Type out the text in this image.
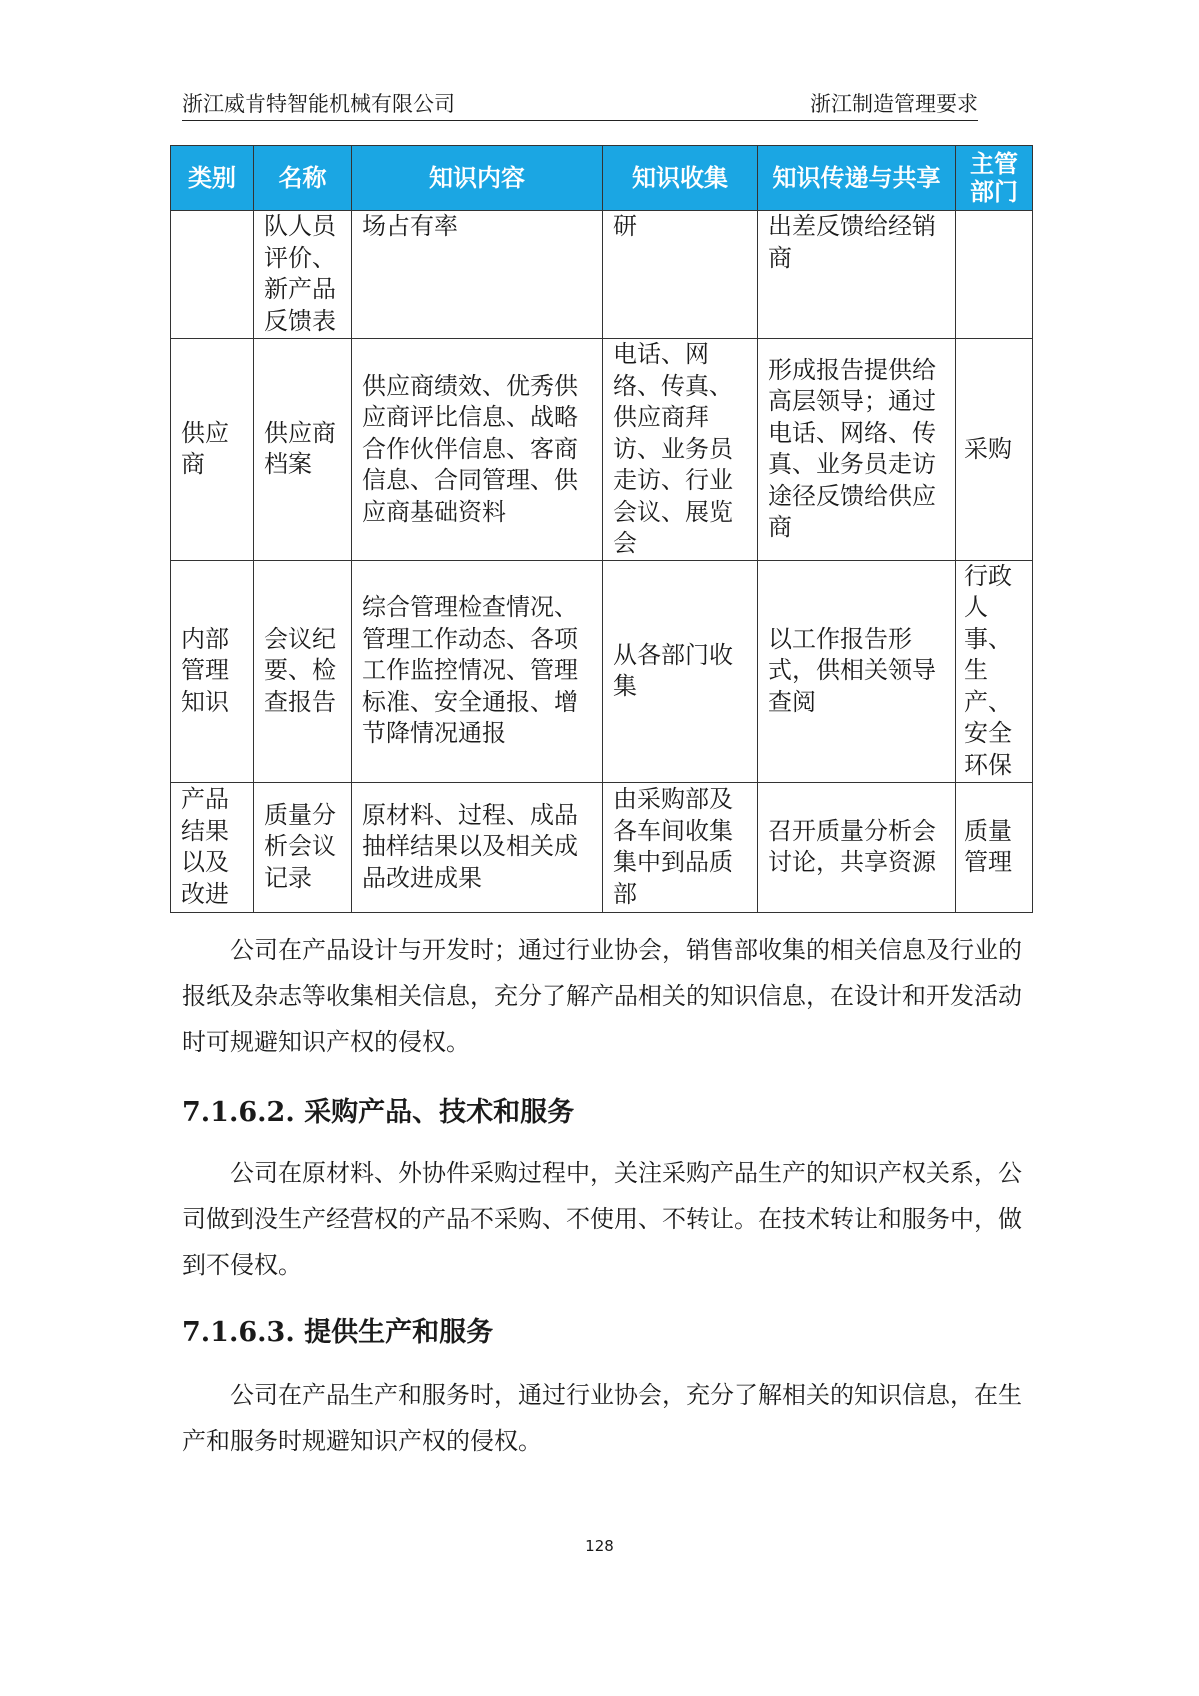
浙江威肯特智能机械有限公司	浙江制造管理要求
类别	名称	知识内容	知识收集	知识传递与共享	主管部门
	队人员评价、新产品反馈表	场占有率	研	出差反馈给经销商	
供应商	供应商档案	供应商绩效、优秀供应商评比信息、战略合作伙伴信息、客商信息、合同管理、供应商基础资料	电话、网络、传真、供应商拜访、业务员走访、行业会议、展览会	形成报告提供给高层领导；通过电话、网络、传真、业务员走访途径反馈给供应商	采购
内部管理知识	会议纪要、检查报告	综合管理检查情况、管理工作动态、各项工作监控情况、管理标准、安全通报、增节降情况通报	从各部门收集	以工作报告形式，供相关领导查阅	行政人事、生产、安全环保
产品结果以及改进	质量分析会议记录	原材料、过程、成品抽样结果以及相关成品改进成果	由采购部及各车间收集集中到品质部	召开质量分析会讨论，共享资源	质量管理

公司在产品设计与开发时；通过行业协会，销售部收集的相关信息及行业的报纸及杂志等收集相关信息，充分了解产品相关的知识信息，在设计和开发活动时可规避知识产权的侵权。

7.1.6.2. 采购产品、技术和服务

公司在原材料、外协件采购过程中，关注采购产品生产的知识产权关系，公司做到没生产经营权的产品不采购、不使用、不转让。在技术转让和服务中，做到不侵权。

7.1.6.3. 提供生产和服务

公司在产品生产和服务时，通过行业协会，充分了解相关的知识信息，在生产和服务时规避知识产权的侵权。

128
